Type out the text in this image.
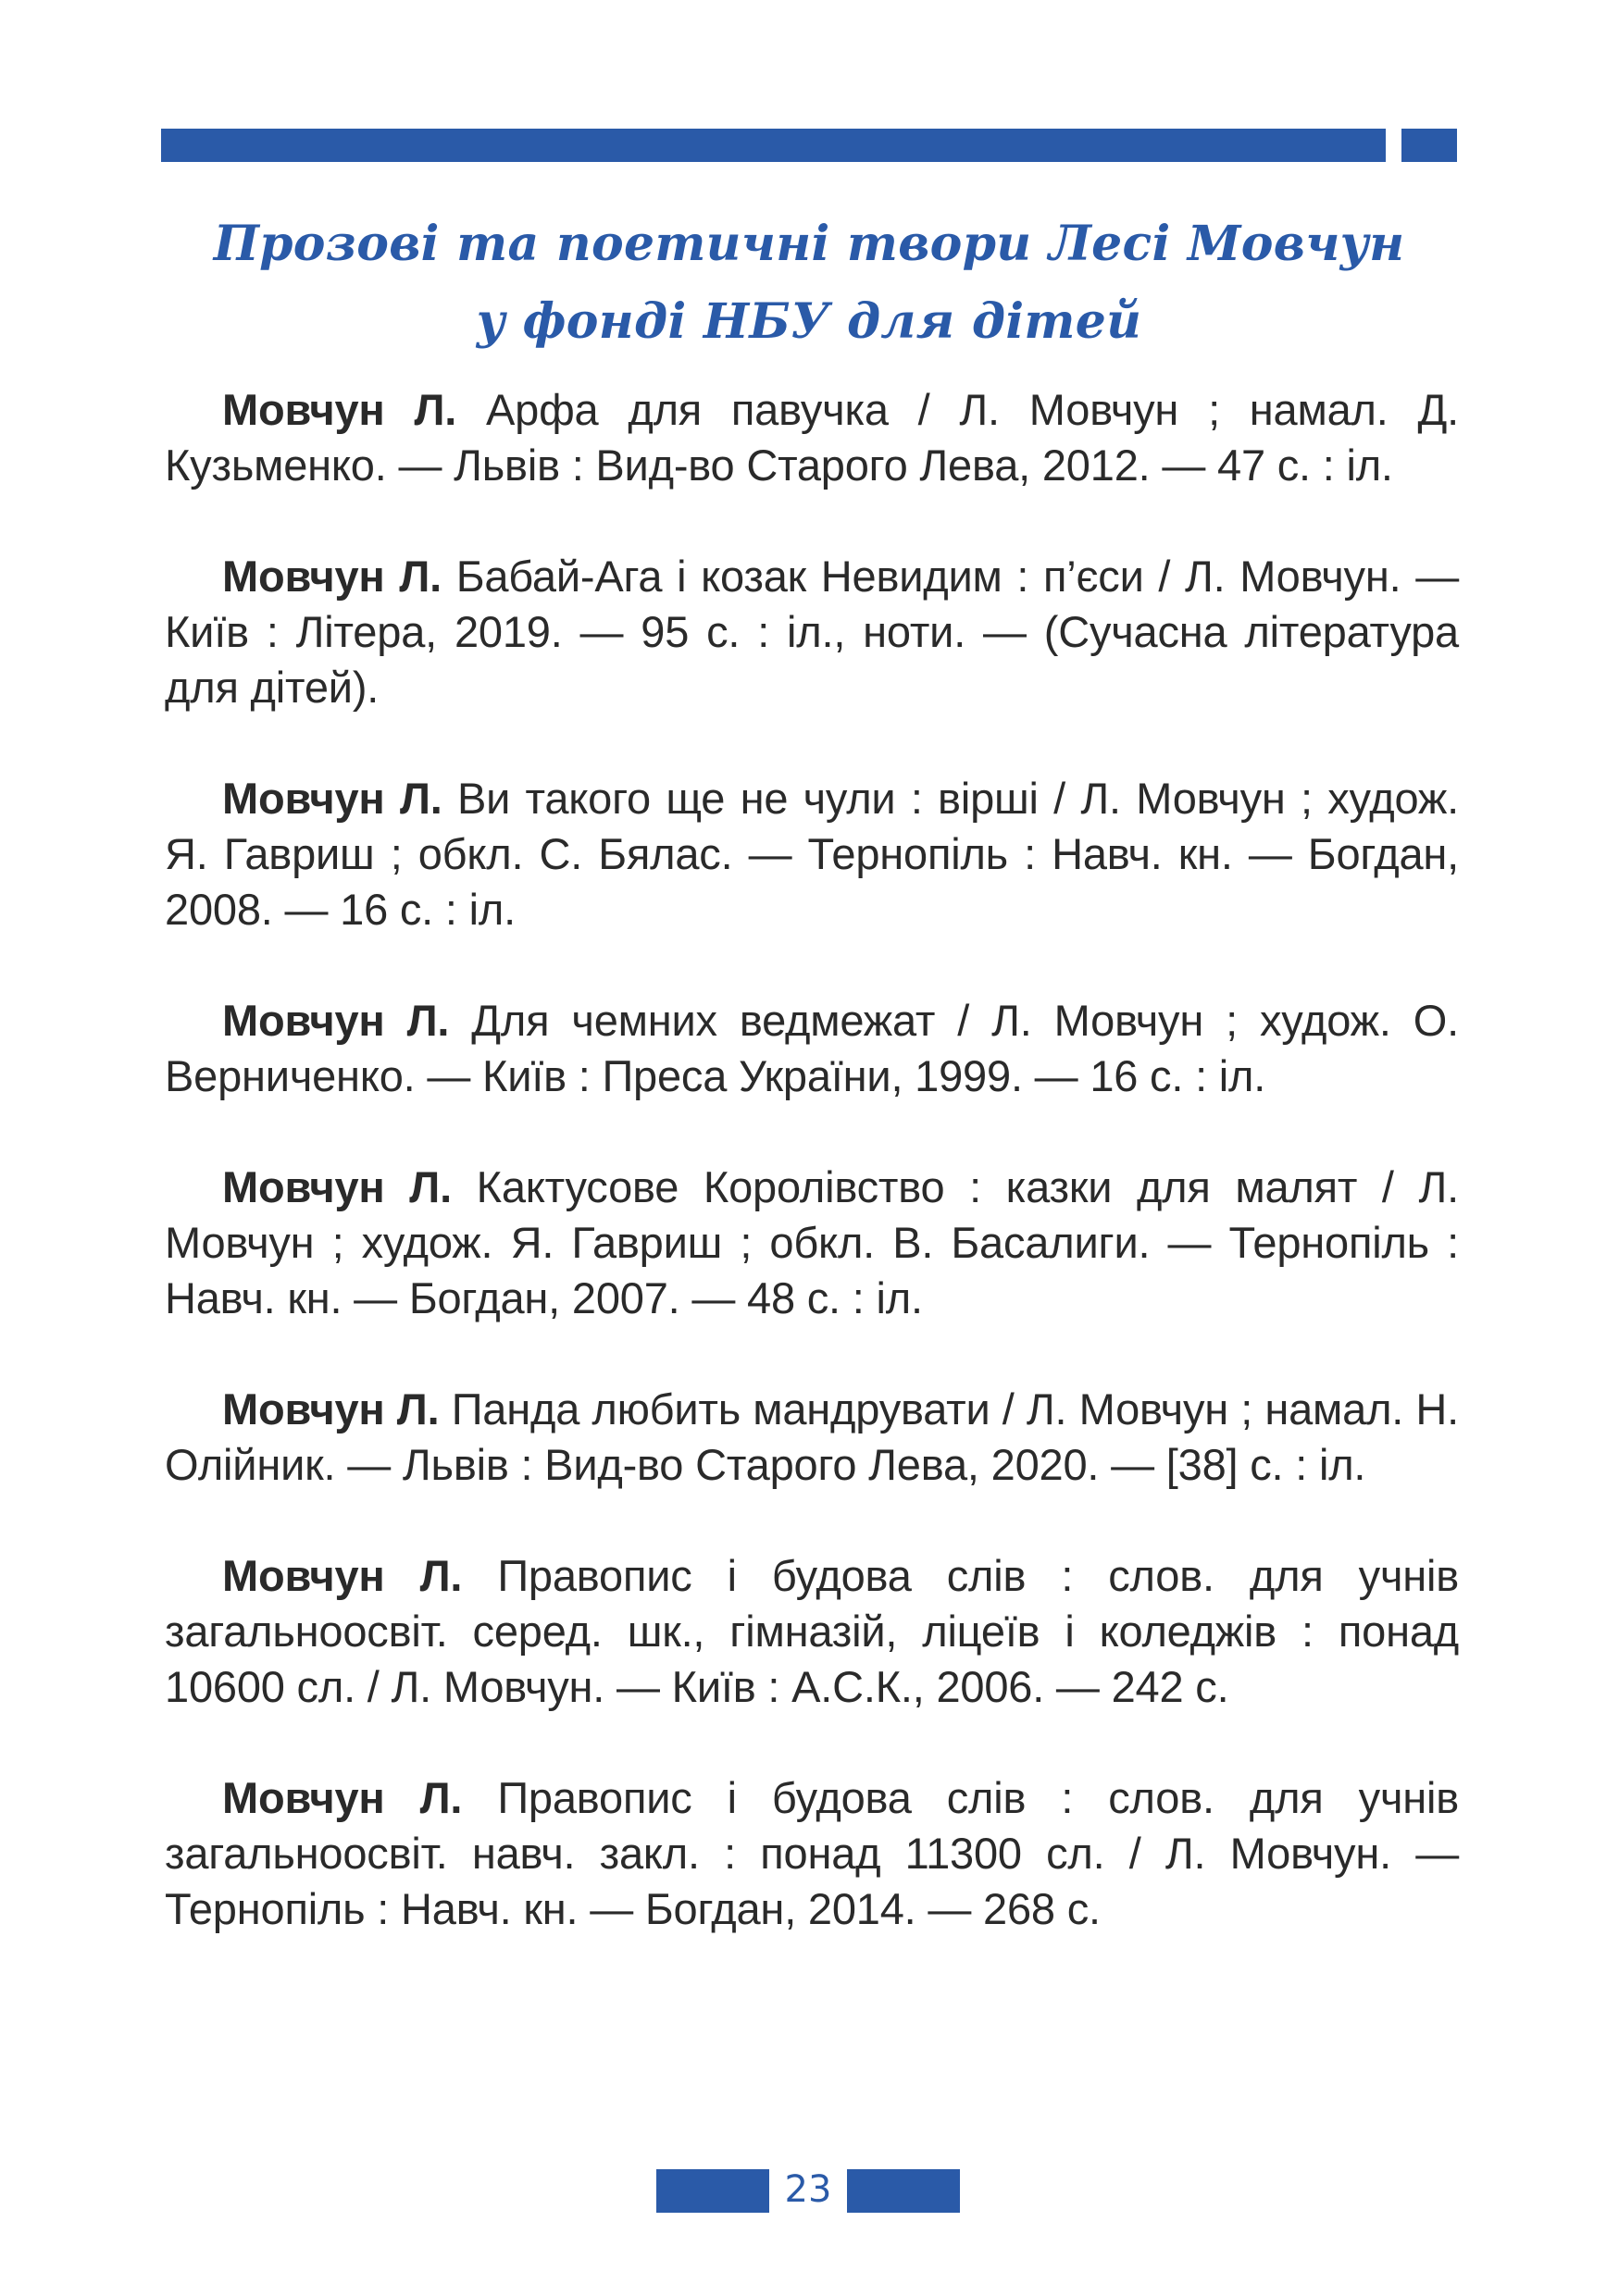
Прозові та поетичні твори Лесі Мовчун
у фонді НБУ для дітей

Мовчун Л. Арфа для павучка / Л. Мовчун ; намал. Д. Кузьменко. — Львів : Вид-во Старого Лева, 2012. — 47 с. : іл.

Мовчун Л. Бабай-Ага і козак Невидим : п’єси / Л. Мовчун. — Київ : Літера, 2019. — 95 с. : іл., ноти. — (Сучасна література для дітей).

Мовчун Л. Ви такого ще не чули : вірші / Л. Мовчун ; худож. Я. Гавриш ; обкл. С. Бялас. — Тернопіль : Навч. кн. — Богдан, 2008. — 16 с. : іл.

Мовчун Л. Для чемних ведмежат / Л. Мовчун ; худож. О. Верниченко. — Київ : Преса України, 1999. — 16 с. : іл.

Мовчун Л. Кактусове Королівство : казки для малят / Л. Мовчун ; худож. Я. Гавриш ; обкл. В. Басалиги. — Тернопіль : Навч. кн. — Богдан, 2007. — 48 с. : іл.

Мовчун Л. Панда любить мандрувати / Л. Мовчун ; намал. Н. Олійник. — Львів : Вид-во Старого Лева, 2020. — [38] с. : іл.

Мовчун Л. Правопис і будова слів : слов. для учнів загальноосвіт. серед. шк., гімназій, ліцеїв і коледжів : понад 10600 сл. / Л. Мовчун. — Київ : А.С.К., 2006. — 242 с.

Мовчун Л. Правопис і будова слів : слов. для учнів загальноосвіт. навч. закл. : понад 11300 сл. / Л. Мовчун. — Тернопіль : Навч. кн. — Богдан, 2014. — 268 с.

23
